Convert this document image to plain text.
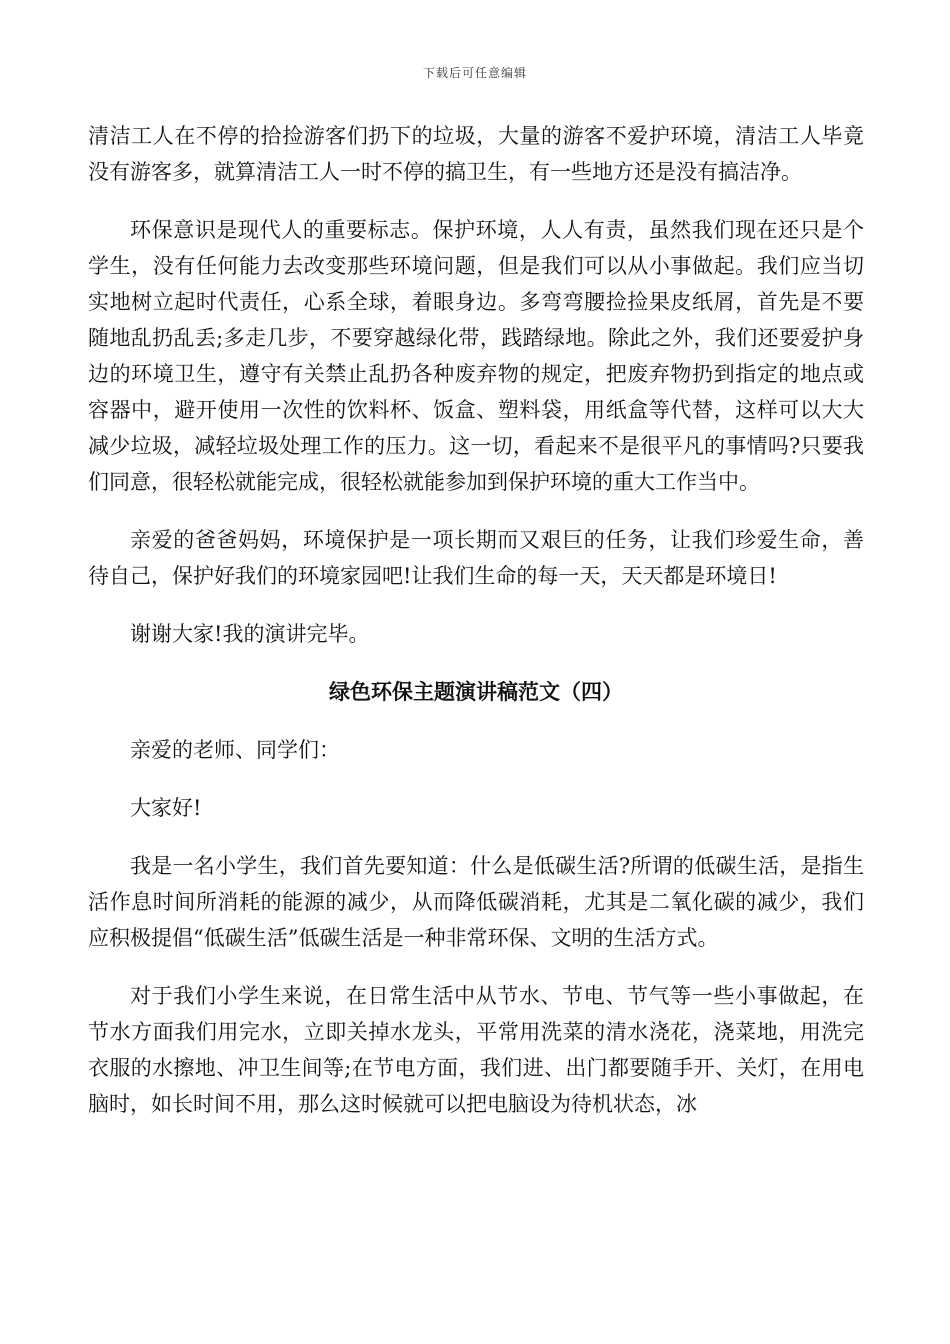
下载后可任意编辑

清洁工人在不停的拾捡游客们扔下的垃圾，大量的游客不爱护环境，清洁工人毕竟没有游客多，就算清洁工人一时不停的搞卫生，有一些地方还是没有搞洁净。

环保意识是现代人的重要标志。保护环境，人人有责，虽然我们现在还只是个学生，没有任何能力去改变那些环境问题，但是我们可以从小事做起。我们应当切实地树立起时代责任，心系全球，着眼身边。多弯弯腰捡捡果皮纸屑，首先是不要随地乱扔乱丢;多走几步，不要穿越绿化带，践踏绿地。除此之外，我们还要爱护身边的环境卫生，遵守有关禁止乱扔各种废弃物的规定，把废弃物扔到指定的地点或容器中，避开使用一次性的饮料杯、饭盒、塑料袋，用纸盒等代替，这样可以大大减少垃圾，减轻垃圾处理工作的压力。这一切，看起来不是很平凡的事情吗?只要我们同意，很轻松就能完成，很轻松就能参加到保护环境的重大工作当中。

亲爱的爸爸妈妈，环境保护是一项长期而又艰巨的任务，让我们珍爱生命，善待自己，保护好我们的环境家园吧!让我们生命的每一天，天天都是环境日!

谢谢大家!我的演讲完毕。

绿色环保主题演讲稿范文（四）

亲爱的老师、同学们：

大家好!

我是一名小学生，我们首先要知道：什么是低碳生活?所谓的低碳生活，是指生活作息时间所消耗的能源的减少，从而降低碳消耗，尤其是二氧化碳的减少，我们应积极提倡“低碳生活”低碳生活是一种非常环保、文明的生活方式。

对于我们小学生来说，在日常生活中从节水、节电、节气等一些小事做起，在节水方面我们用完水，立即关掉水龙头，平常用洗菜的清水浇花，浇菜地，用洗完衣服的水擦地、冲卫生间等;在节电方面，我们进、出门都要随手开、关灯，在用电脑时，如长时间不用，那么这时候就可以把电脑设为待机状态，冰
